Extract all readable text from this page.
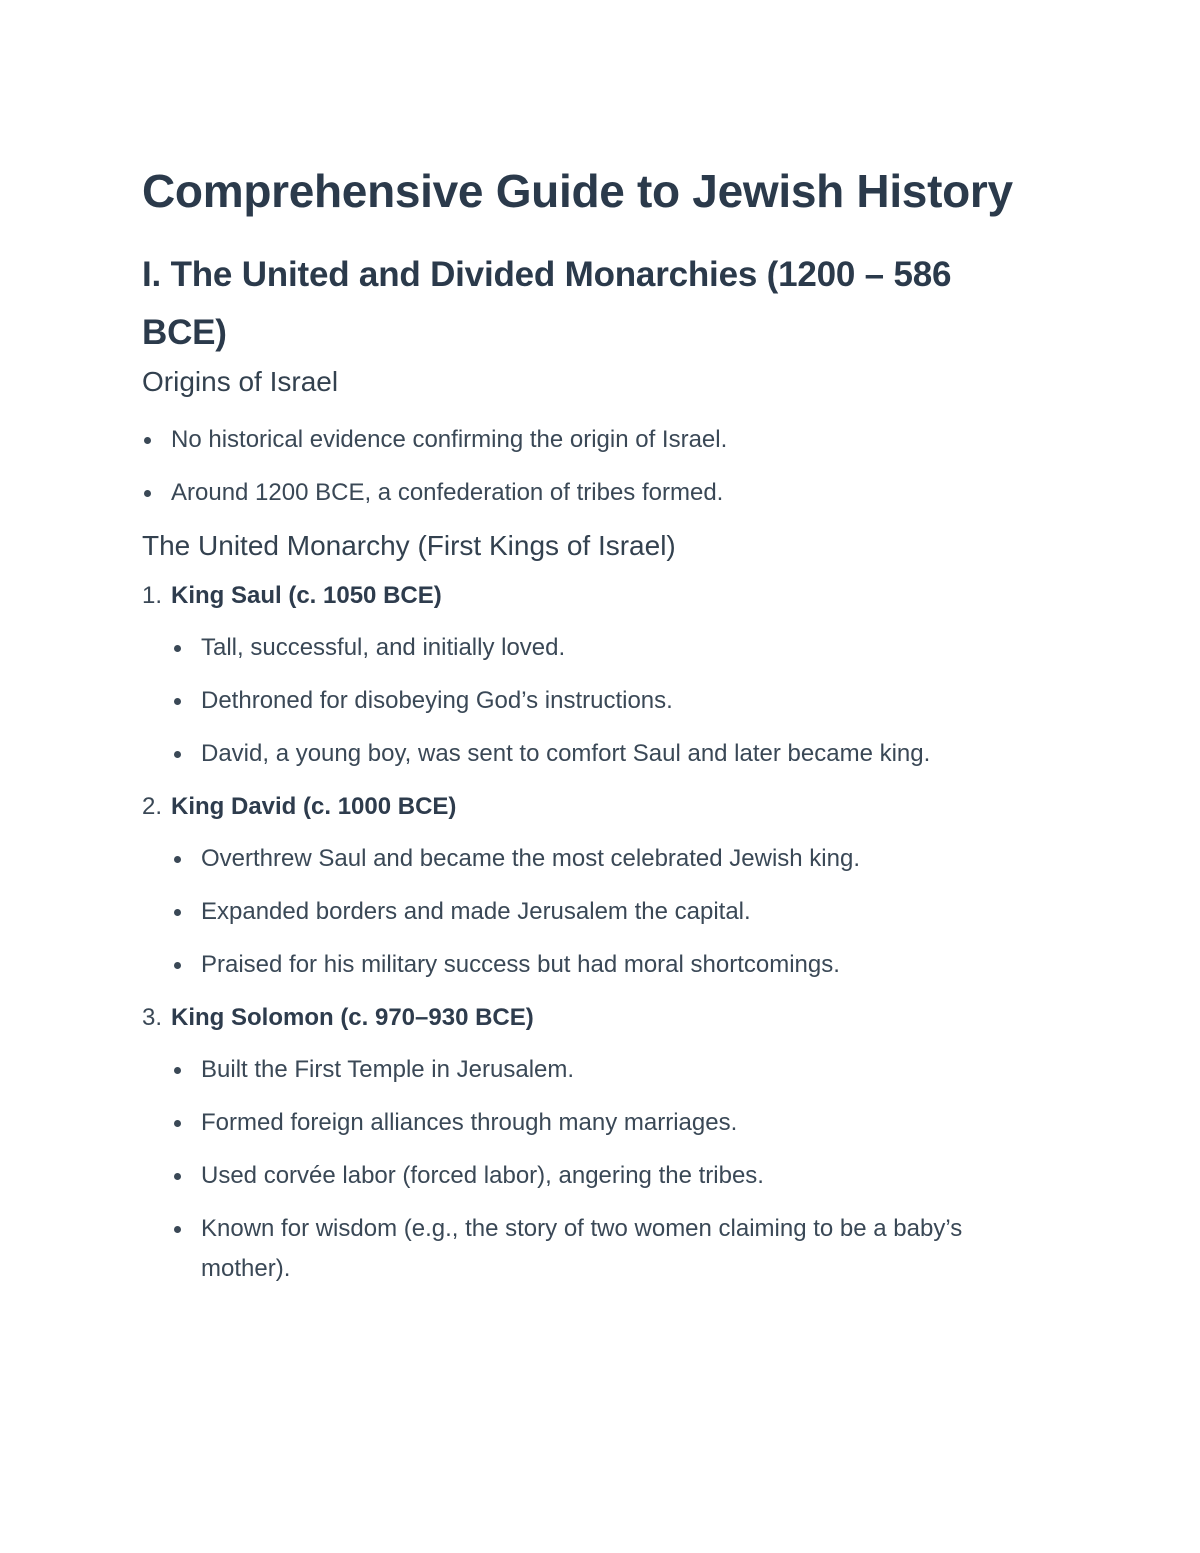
Comprehensive Guide to Jewish History
I. The United and Divided Monarchies (1200 – 586 BCE)
Origins of Israel
No historical evidence confirming the origin of Israel.
Around 1200 BCE, a confederation of tribes formed.
The United Monarchy (First Kings of Israel)
1. King Saul (c. 1050 BCE)
Tall, successful, and initially loved.
Dethroned for disobeying God’s instructions.
David, a young boy, was sent to comfort Saul and later became king.
2. King David (c. 1000 BCE)
Overthrew Saul and became the most celebrated Jewish king.
Expanded borders and made Jerusalem the capital.
Praised for his military success but had moral shortcomings.
3. King Solomon (c. 970–930 BCE)
Built the First Temple in Jerusalem.
Formed foreign alliances through many marriages.
Used corvée labor (forced labor), angering the tribes.
Known for wisdom (e.g., the story of two women claiming to be a baby’s mother).
